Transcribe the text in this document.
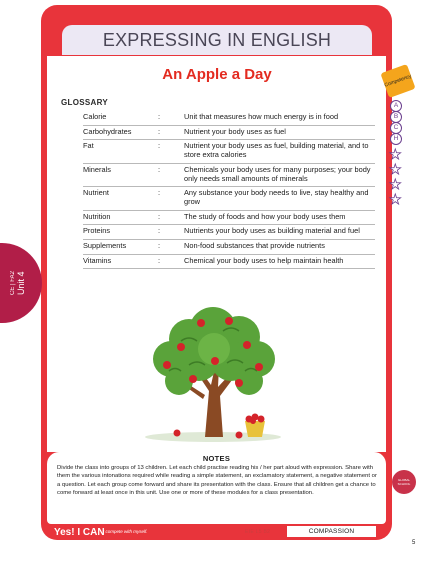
EXPRESSING IN ENGLISH
An Apple a Day
GLOSSARY
Calorie	:	Unit that measures how much energy is in food
Carbohydrates	:	Nutrient your body uses as fuel
Fat	:	Nutrient your body uses as fuel, building material, and to store extra calories
Minerals	:	Chemicals your body uses for many purposes; your body only needs small amounts of minerals
Nutrient	:	Any substance your body needs to live, stay healthy and grow
Nutrition	:	The study of foods and how your body uses them
Proteins	:	Nutrients your body uses as building material and fuel
Supplements	:	Non-food substances that provide nutrients
Vitamins	:	Chemical your body uses to help maintain health
CE | FA2 Unit 4
Competency
A
B
C
H
★
★
★
★
NOTES
Divide the class into groups of 13 children. Let each child practise reading his / her part aloud with expression. Share with them the various intonations required while reading a simple statement, an exclamatory statement, a negative statement or a question. Let each group come forward and share its presentation with the class. Ensure that all children get a chance to come forward at least once in this unit. Use one or more of these modules for a class presentation.
GLOBAL SCHOOL
Yes! I CAN
I compete with myself.	EIE L5 B2	COMPASSION
5
